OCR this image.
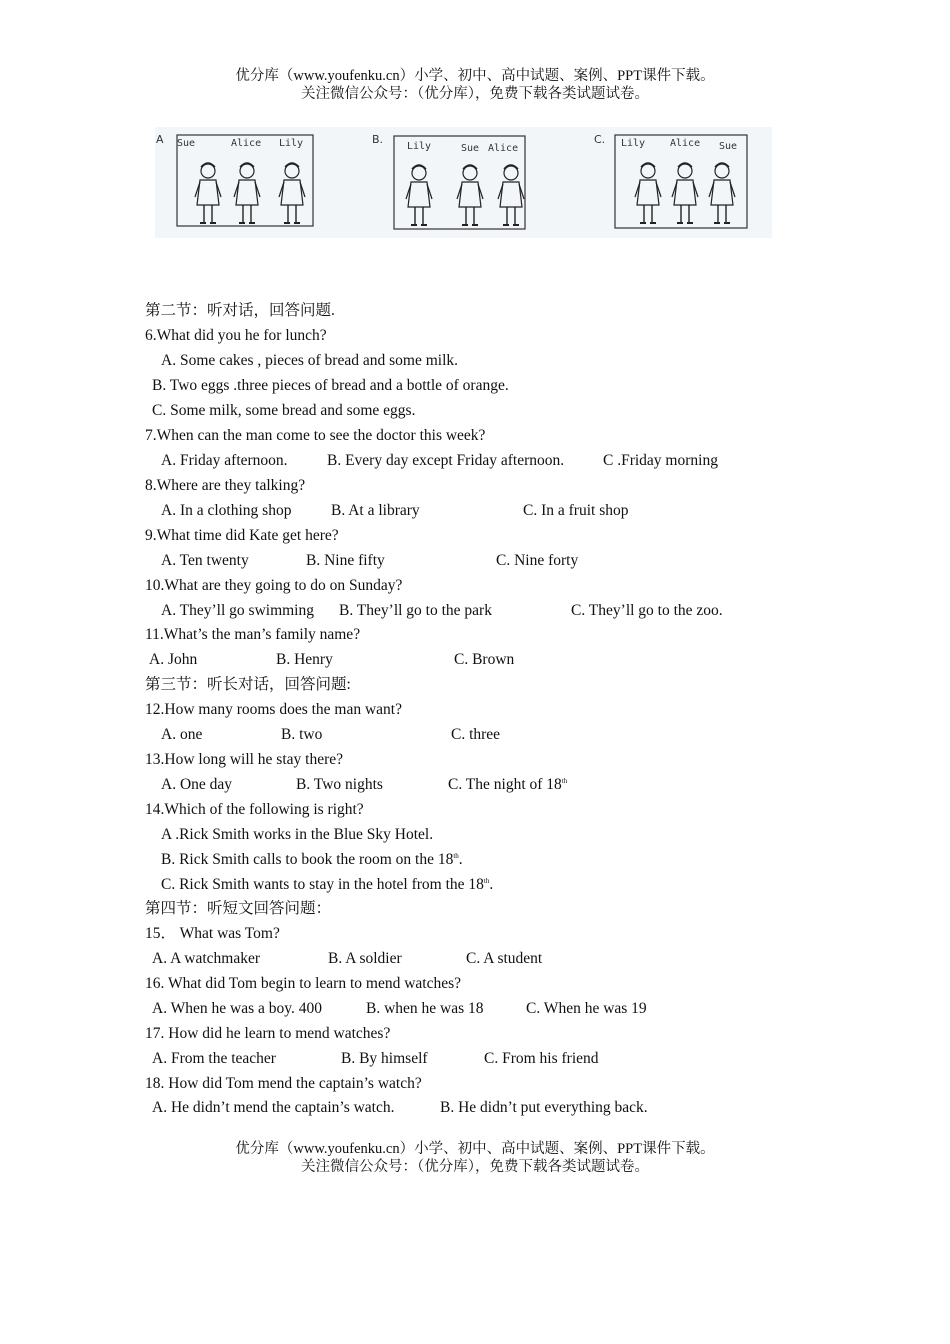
优分库（www.youfenku.cn）小学、初中、高中试题、案例、PPT课件下载。
关注微信公众号：（优分库），免费下载各类试题试卷。
A Sue	Alice Lily	B.
Lily	Sue Alice
C. Lily Alice Sue
第二节：听对话，回答问题.
6.What did you he for lunch?
A. Some cakes , pieces of bread and some milk.
B. Two eggs .three pieces of bread and a bottle of orange.
C. Some milk, some bread and some eggs.
7.When can the man come to see the doctor this week?
A. Friday afternoon.	B. Every day except Friday afternoon.	C .Friday morning
8.Where are they talking?
A. In a clothing shop	B. At a library	C. In a fruit shop
9.What time did Kate get here?
A. Ten twenty	B. Nine fifty	C. Nine forty
10.What are they going to do on Sunday?
A. They’ll go swimming B. They’ll go to the park	C. They’ll go to the zoo.
11.What’s the man’s family name?
A. John	B. Henry	C. Brown
第三节：听长对话，回答问题:
12.How many rooms does the man want?
A. one	B. two	C. three
13.How long will he stay there?
A. One day	B. Two nights	C. The night of 18th
14.Which of the following is right?
A .Rick Smith works in the Blue Sky Hotel.
B. Rick Smith calls to book the room on the 18th.
C. Rick Smith wants to stay in the hotel from the 18th.
第四节：听短文回答问题：
15． What was Tom?
A. A watchmaker	B. A soldier	C. A student
16. What did Tom begin to learn to mend watches?
A. When he was a boy. 400	B. when he was 18	C. When he was 19
17. How did he learn to mend watches?
A. From the teacher	B. By himself	C. From his friend
18. How did Tom mend the captain’s watch?
A. He didn’t mend the captain’s watch.	B. He didn’t put everything back.
优分库（www.youfenku.cn）小学、初中、高中试题、案例、PPT课件下载。
关注微信公众号：（优分库），免费下载各类试题试卷。
